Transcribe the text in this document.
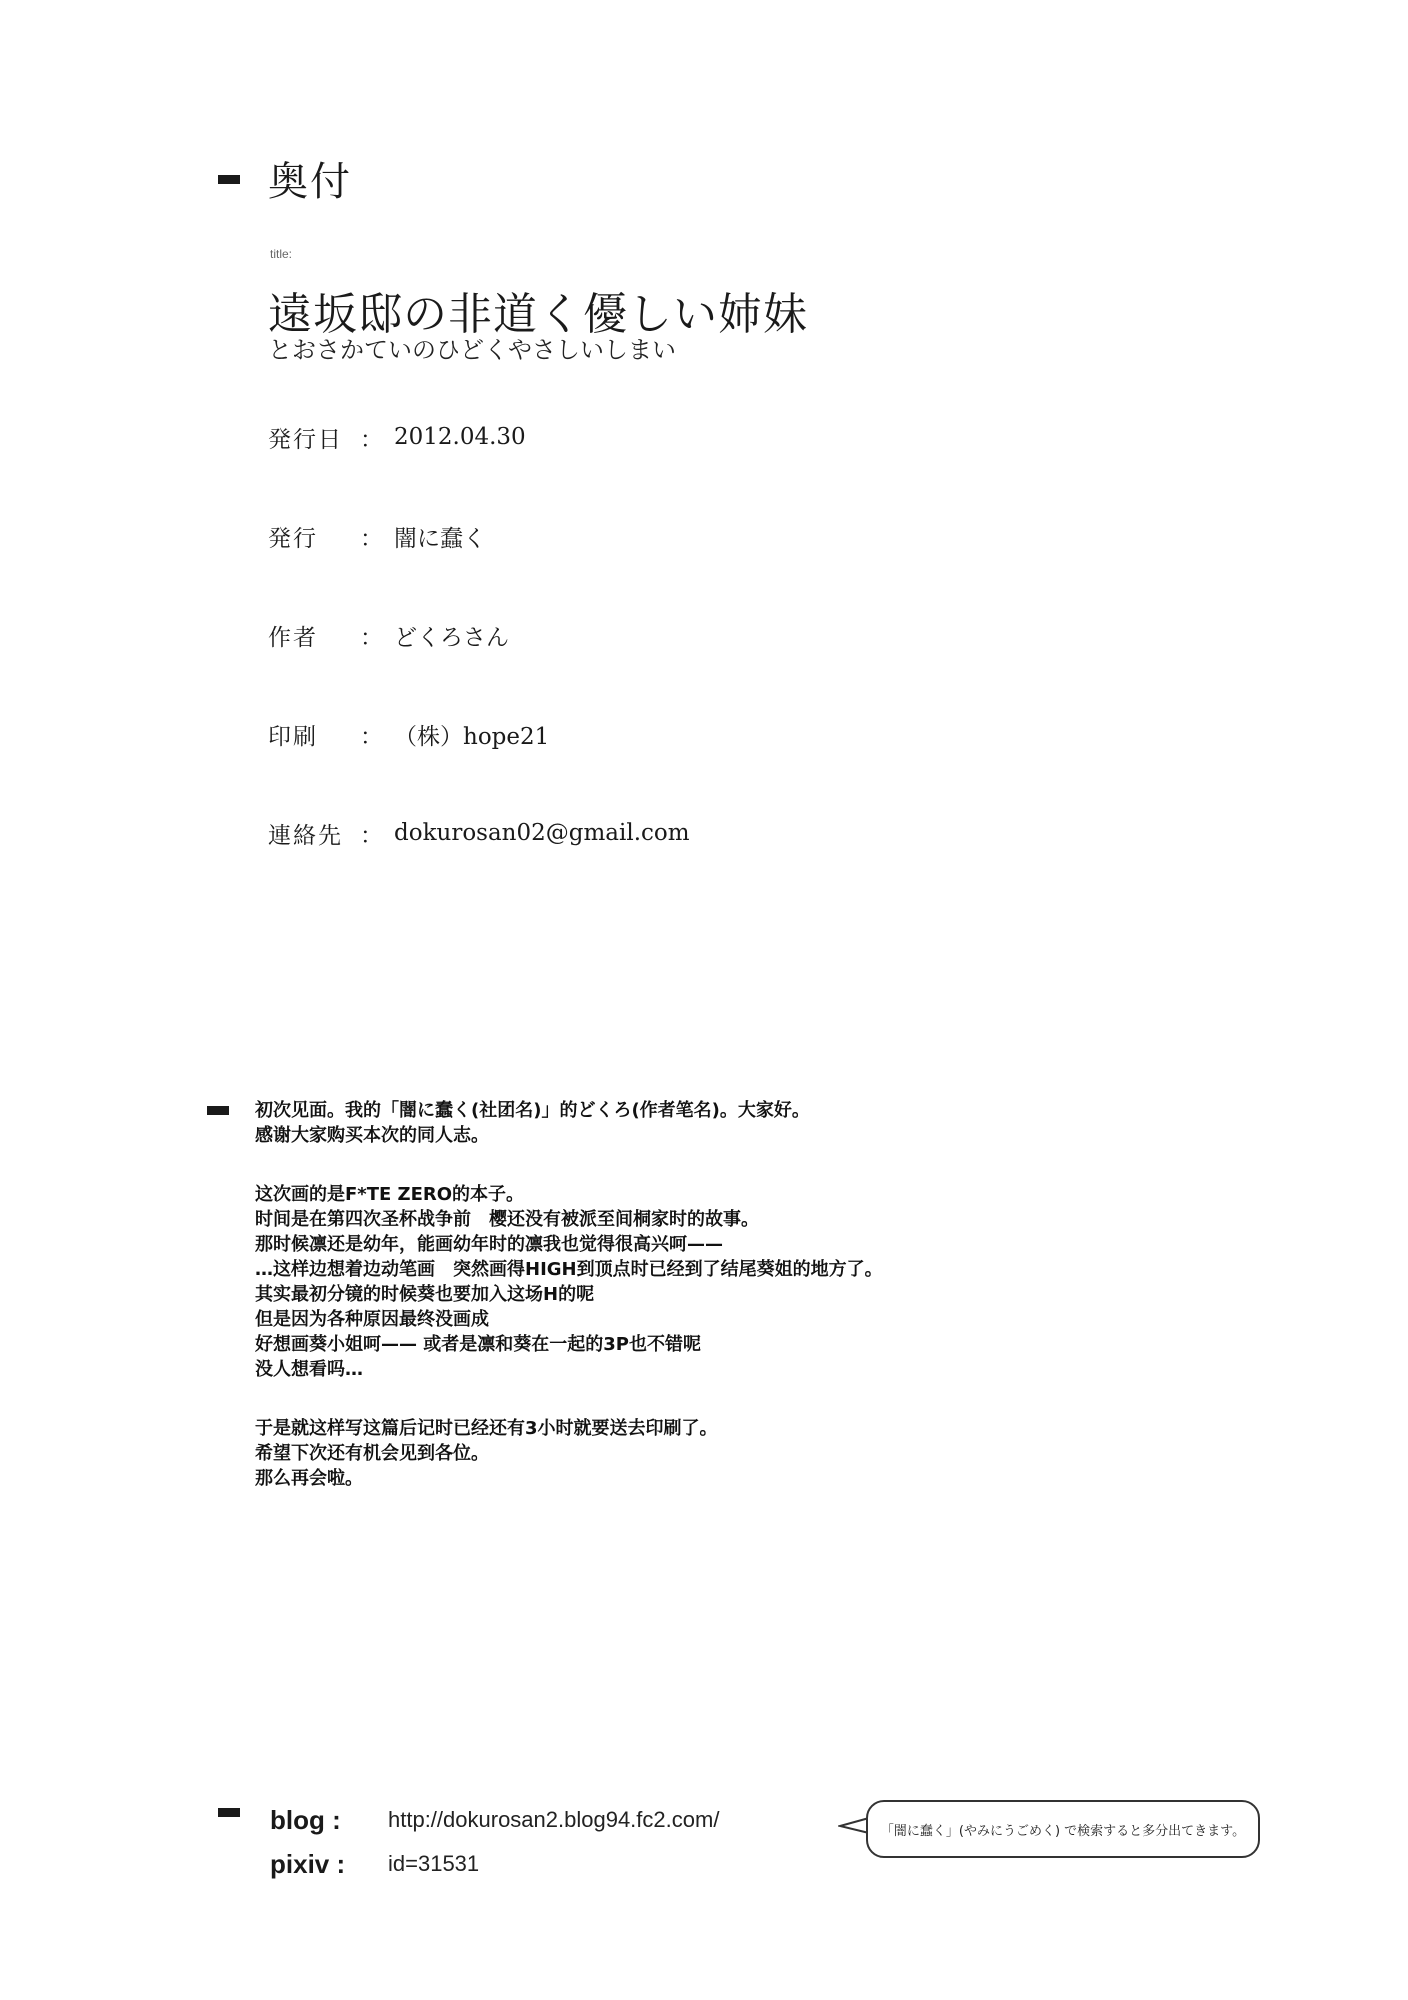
奥付
title:
遠坂邸の非道く優しい姉妹
とおさかていのひどくやさしいしまい
発行日 ： 2012.04.30
発行	： 闇に蠢く
作者	： どくろさん
印刷	： （株）hope21
連絡先 ： dokurosan02@gmail.com

初次见面。我的「闇に蠢く(社团名)」的どくろ(作者笔名)。大家好。

感谢大家购买本次的同人志。

这次画的是F*TE ZERO的本子。

时间是在第四次圣杯战争前　樱还没有被派至间桐家时的故事。

那时候凛还是幼年，能画幼年时的凛我也觉得很高兴呵——

…这样边想着边动笔画　突然画得HIGH到顶点时已经到了结尾葵姐的地方了。

其实最初分镜的时候葵也要加入这场H的呢

但是因为各种原因最终没画成

好想画葵小姐呵—— 或者是凛和葵在一起的3P也不错呢

没人想看吗…

于是就这样写这篇后记时已经还有3小时就要送去印刷了。

希望下次还有机会见到各位。

那么再会啦。

blog :	http://dokurosan2.blog94.fc2.com/
pixiv :	id=31531
「闇に蠢く」(やみにうごめく) で検索すると多分出てきます。
